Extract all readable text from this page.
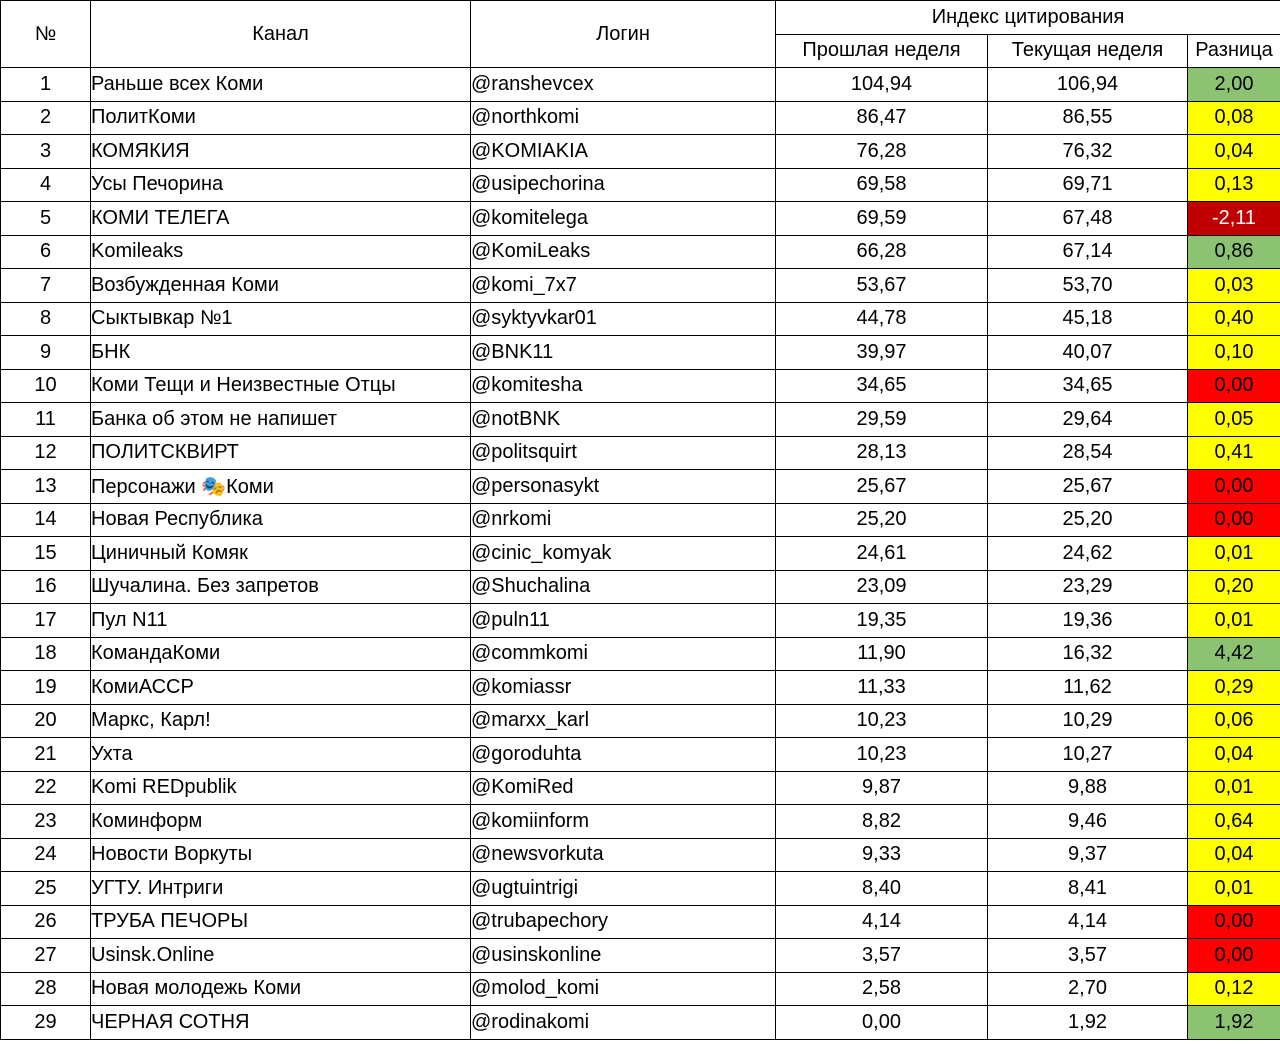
№	Канал	Логин	Индекс цитирования		
			Прошлая неделя	Текущая неделя	Разница
1	Раньше всех Коми	@ranshevcex	104,94	106,94	2,00
2	ПолитКоми	@northkomi	86,47	86,55	0,08
3	КОМЯКИЯ	@KOMIAKIA	76,28	76,32	0,04
4	Усы Печорина	@usipechorina	69,58	69,71	0,13
5	КОМИ ТЕЛЕГА	@komitelega	69,59	67,48	-2,11
6	Komileaks	@KomiLeaks	66,28	67,14	0,86
7	Возбужденная Коми	@komi_7x7	53,67	53,70	0,03
8	Сыктывкар №1	@syktyvkar01	44,78	45,18	0,40
9	БНК	@BNK11	39,97	40,07	0,10
10	Коми Тещи и Неизвестные Отцы	@komitesha	34,65	34,65	0,00
11	Банка об этом не напишет	@notBNK	29,59	29,64	0,05
12	ПОЛИТСКВИРТ	@politsquirt	28,13	28,54	0,41
13	Персонажи 🎭Коми	@personasykt	25,67	25,67	0,00
14	Новая Республика	@nrkomi	25,20	25,20	0,00
15	Циничный Комяк	@cinic_komyak	24,61	24,62	0,01
16	Шучалина. Без запретов	@Shuchalina	23,09	23,29	0,20
17	Пул N11	@puln11	19,35	19,36	0,01
18	КомандаКоми	@commkomi	11,90	16,32	4,42
19	КомиАССР	@komiassr	11,33	11,62	0,29
20	Маркс, Карл!	@marxx_karl	10,23	10,29	0,06
21	Ухта	@goroduhta	10,23	10,27	0,04
22	Komi REDpublik	@KomiRed	9,87	9,88	0,01
23	Коминформ	@komiinform	8,82	9,46	0,64
24	Новости Воркуты	@newsvorkuta	9,33	9,37	0,04
25	УГТУ. Интриги	@ugtuintrigi	8,40	8,41	0,01
26	ТРУБА ПЕЧОРЫ	@trubapechory	4,14	4,14	0,00
27	Usinsk.Online	@usinskonline	3,57	3,57	0,00
28	Новая молодежь Коми	@molod_komi	2,58	2,70	0,12
29	ЧЕРНАЯ СОТНЯ	@rodinakomi	0,00	1,92	1,92
